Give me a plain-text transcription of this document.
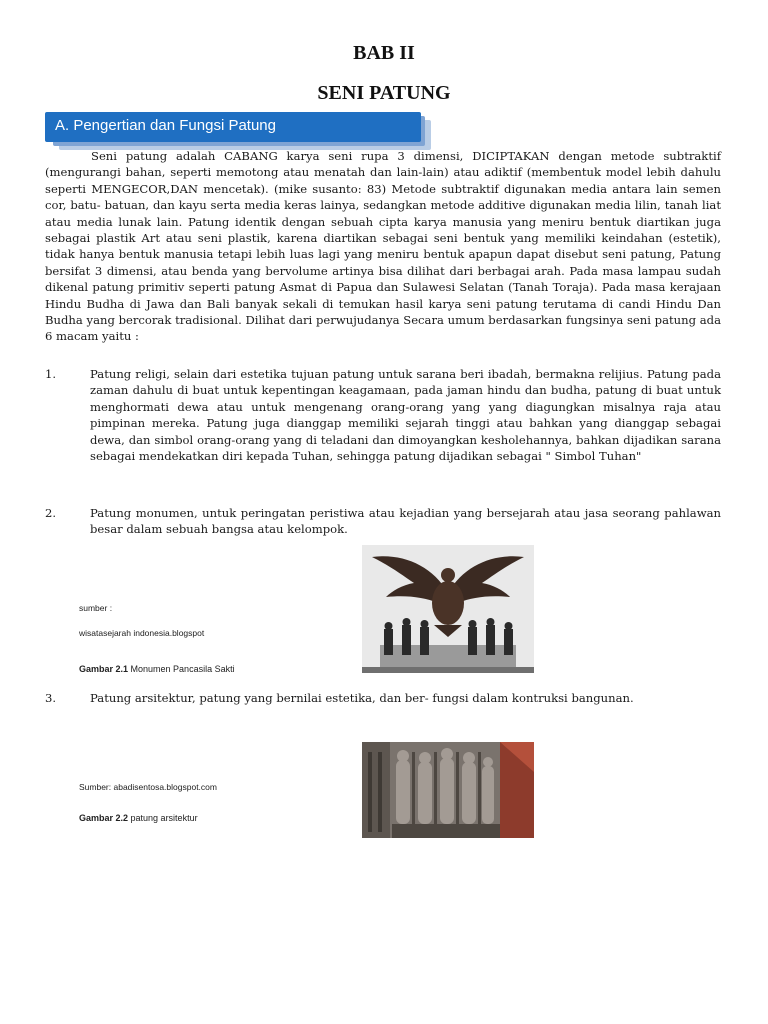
BAB II
SENI PATUNG
A. Pengertian dan Fungsi Patung

Seni patung adalah CABANG karya seni rupa 3 dimensi, DICIPTAKAN dengan metode subtraktif (mengurangi bahan, seperti memotong atau menatah dan lain-lain) atau adiktif (membentuk model lebih dahulu seperti MENGECOR,DAN mencetak). (mike susanto: 83) Metode subtraktif digunakan media antara lain semen cor, batu- batuan, dan kayu serta media keras lainya, sedangkan metode additive digunakan media lilin, tanah liat atau media lunak lain. Patung identik dengan sebuah cipta karya manusia yang meniru bentuk diartikan juga sebagai plastik Art atau seni plastik, karena diartikan sebagai seni bentuk yang memiliki keindahan (estetik), tidak hanya bentuk manusia tetapi lebih luas lagi yang meniru bentuk apapun dapat disebut seni patung, Patung bersifat 3 dimensi, atau benda yang bervolume artinya bisa dilihat dari berbagai arah. Pada masa lampau sudah dikenal patung primitiv seperti patung Asmat di Papua dan Sulawesi Selatan (Tanah Toraja). Pada masa kerajaan Hindu Budha di Jawa dan Bali banyak sekali di temukan hasil karya seni patung terutama di candi Hindu Dan Budha yang bercorak tradisional. Dilihat dari perwujudanya Secara umum berdasarkan fungsinya seni patung ada 6 macam yaitu :

1.	Patung religi, selain dari estetika tujuan patung untuk sarana beri ibadah, bermakna relijius. Patung pada zaman dahulu di buat untuk kepentingan keagamaan, pada jaman hindu dan budha, patung di buat untuk menghormati dewa atau untuk mengenang orang-orang yang yang diagungkan misalnya raja atau pimpinan mereka. Patung juga dianggap memiliki sejarah tinggi atau bahkan yang dianggap sebagai dewa, dan simbol orang-orang yang di teladani dan dimoyangkan kesholehannya, bahkan dijadikan sarana sebagai mendekatkan diri kepada Tuhan, sehingga patung dijadikan sebagai " Simbol Tuhan"
2.	Patung monumen, untuk peringatan peristiwa atau kejadian yang bersejarah atau jasa seorang pahlawan besar dalam sebuah bangsa atau kelompok.
sumber :
wisatasejarah indonesia.blogspot
Gambar 2.1 Monumen Pancasila Sakti
3.	Patung arsitektur, patung yang bernilai estetika, dan ber- fungsi dalam kontruksi bangunan.
Sumber: abadisentosa.blogspot.com
Gambar 2.2 patung arsitektur
